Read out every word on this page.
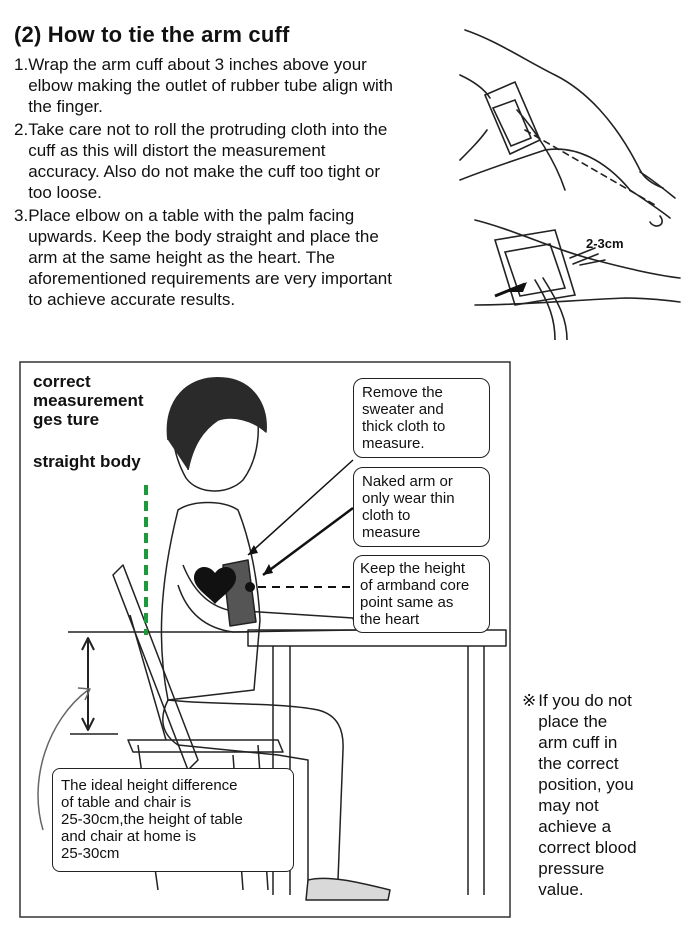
(2) How to tie the arm cuff
1. Wrap the arm cuff about 3 inches above your
elbow making the outlet of rubber tube align with
the finger.
2. Take care not to roll the protruding cloth into the
cuff as this will distort the measurement
accuracy. Also do not make the cuff too tight or
too loose.
3. Place elbow on a table with the palm facing
upwards. Keep the body straight and place the
arm at the same height as the heart. The
aforementioned requirements are very important
to achieve accurate results.
2-3cm
correct
measurement
ges ture
straight body
Remove the
sweater and
thick cloth to
measure.
Naked arm or
only wear thin
cloth to
measure
Keep the height
of armband core
point same as
the heart
The ideal height difference
of table and chair is
25-30cm,the height of table
and chair at home is
25-30cm
※ If you do not
place the
arm cuff in
the correct
position, you
may not
achieve a
correct blood
pressure
value.
